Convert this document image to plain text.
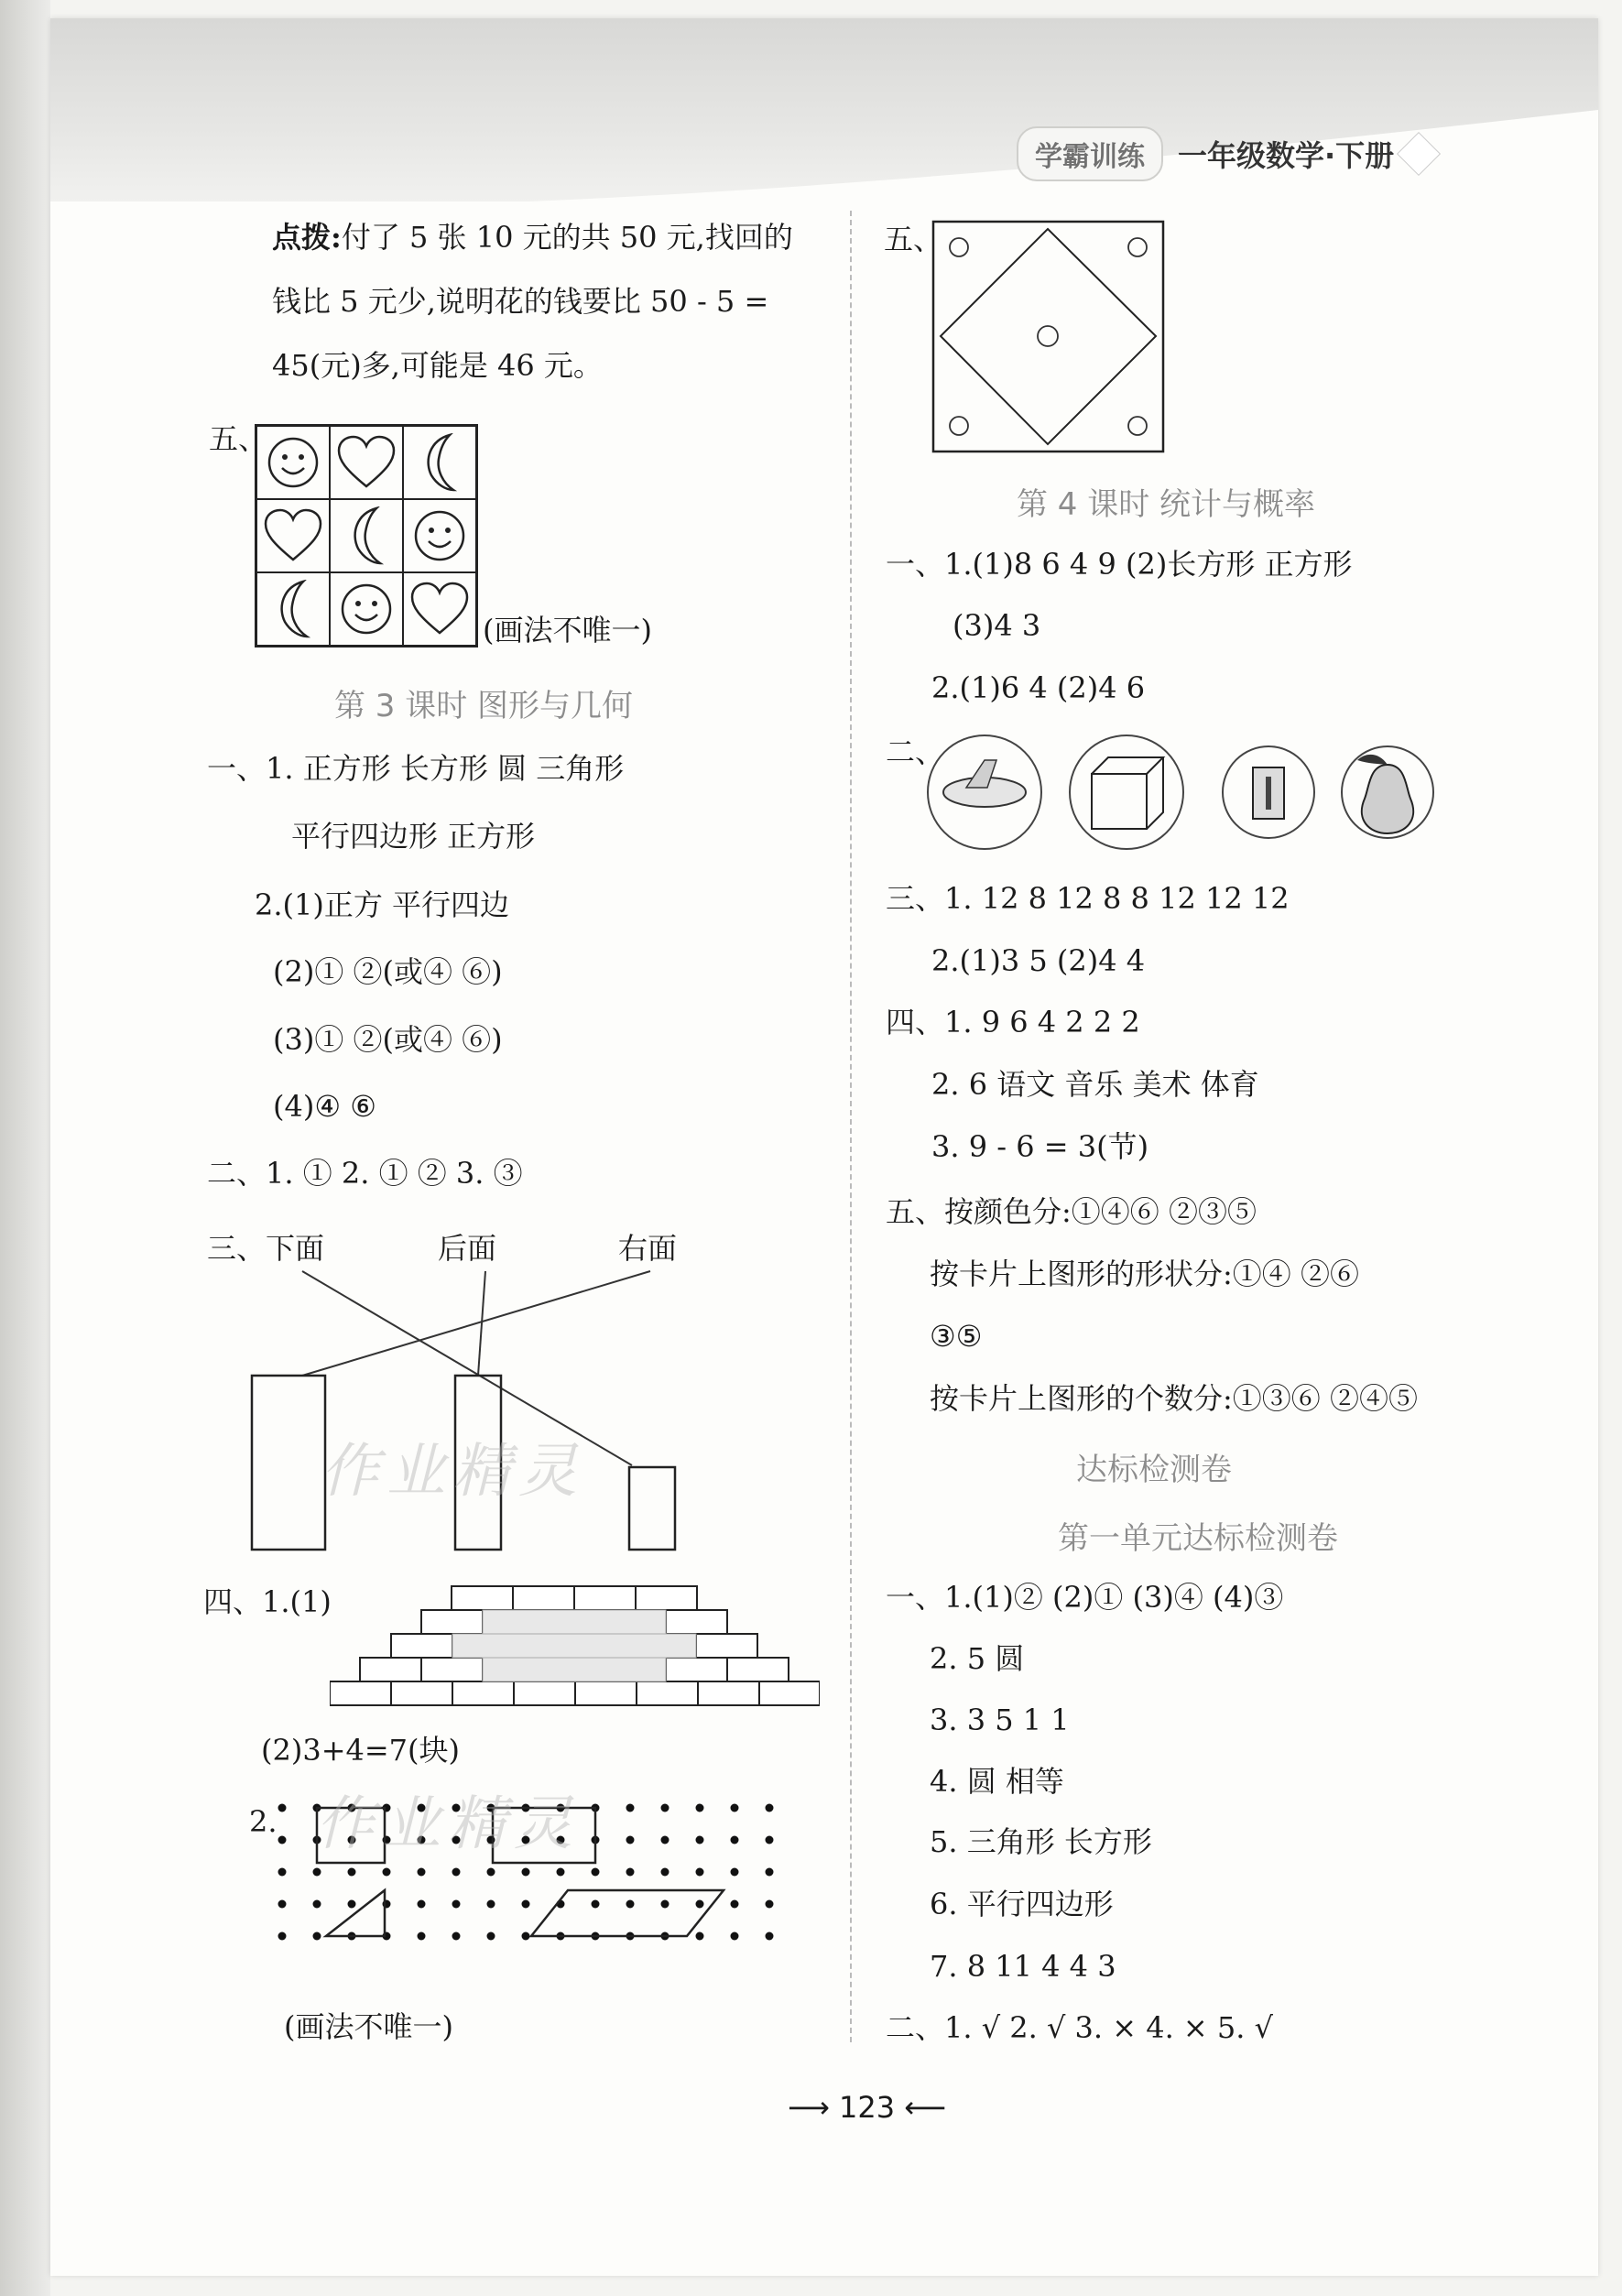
学霸训练	一年级数学·下册
点拨:付了 5 张 10 元的共 50 元,找回的
钱比 5 元少,说明花的钱要比 50 - 5 =
45(元)多,可能是 46 元。
五、
(画法不唯一)
第 3 课时 图形与几何
一、1. 正方形 长方形 圆 三角形
平行四边形 正方形
2.(1)正方 平行四边
(2)① ②(或④ ⑥)
(3)① ②(或④ ⑥)
(4)④ ⑥
二、1. ① 2. ① ② 3. ③
三、下面	后面	右面
作业精灵
四、1.(1)
(2)3+4=7(块)
2. 作业精灵
(画法不唯一)
五、
第 4 课时 统计与概率
一、1.(1)8 6 4 9 (2)长方形 正方形
(3)4 3
2.(1)6 4 (2)4 6
二、
三、1. 12 8 12 8 8 12 12 12
2.(1)3 5 (2)4 4
四、1. 9 6 4 2 2 2
2. 6 语文 音乐 美术 体育
3. 9 - 6 = 3(节)
五、按颜色分:①④⑥ ②③⑤
按卡片上图形的形状分:①④ ②⑥
③⑤
按卡片上图形的个数分:①③⑥ ②④⑤
达标检测卷
第一单元达标检测卷
一、1.(1)② (2)① (3)④ (4)③
2. 5 圆
3. 3 5 1 1
4. 圆 相等
5. 三角形 长方形
6. 平行四边形
7. 8 11 4 4 3
二、1. √ 2. √ 3. × 4. × 5. √
⟶ 123 ⟵
